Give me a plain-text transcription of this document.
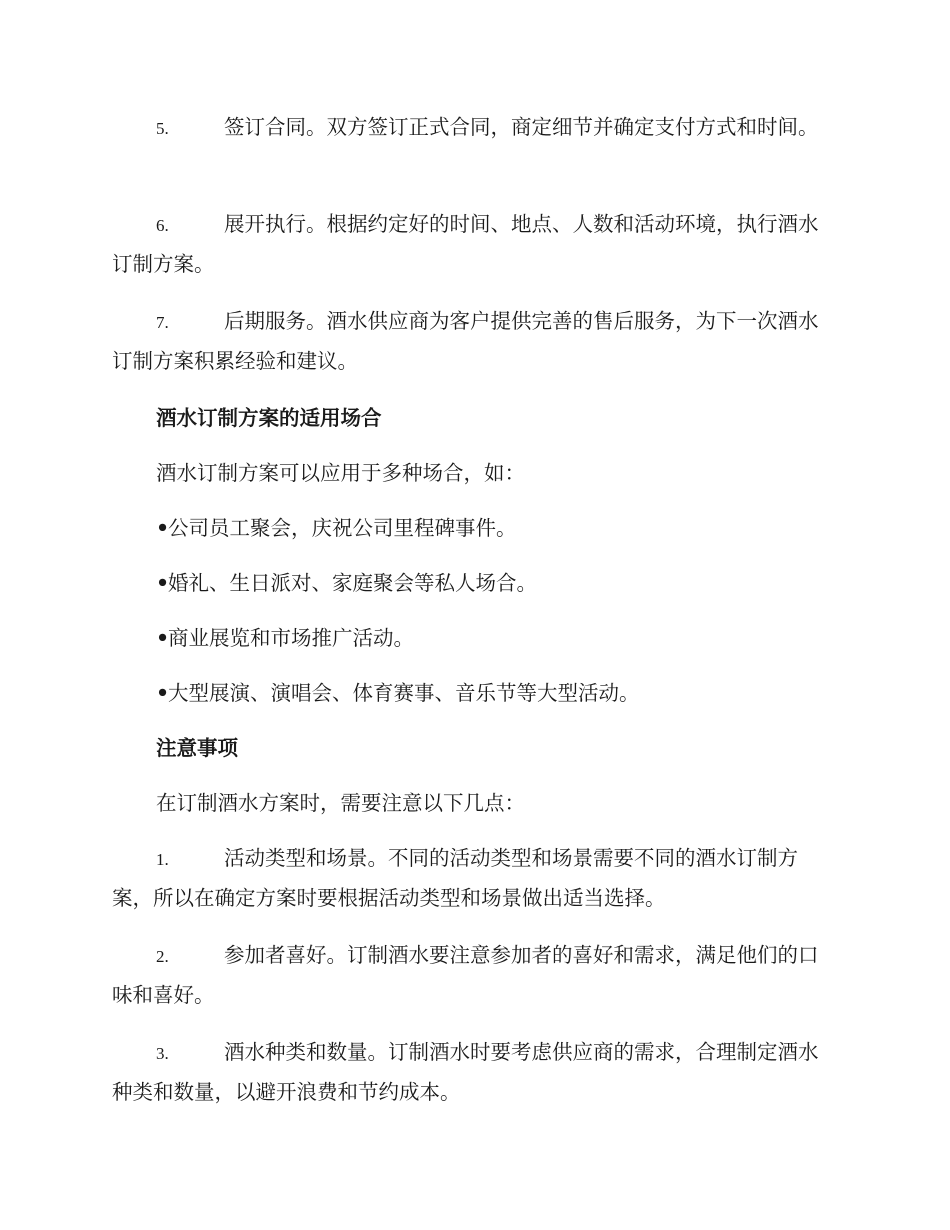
5.	签订合同。双方签订正式合同，商定细节并确定支付方式和时间。

6.	展开执行。根据约定好的时间、地点、人数和活动环境，执行酒水订制方案。

7.	后期服务。酒水供应商为客户提供完善的售后服务，为下一次酒水订制方案积累经验和建议。

酒水订制方案的适用场合

酒水订制方案可以应用于多种场合，如：

•公司员工聚会，庆祝公司里程碑事件。

•婚礼、生日派对、家庭聚会等私人场合。

•商业展览和市场推广活动。

•大型展演、演唱会、体育赛事、音乐节等大型活动。

注意事项

在订制酒水方案时，需要注意以下几点：

1.	活动类型和场景。不同的活动类型和场景需要不同的酒水订制方案，所以在确定方案时要根据活动类型和场景做出适当选择。

2.	参加者喜好。订制酒水要注意参加者的喜好和需求，满足他们的口味和喜好。

3.	酒水种类和数量。订制酒水时要考虑供应商的需求，合理制定酒水种类和数量，以避开浪费和节约成本。
